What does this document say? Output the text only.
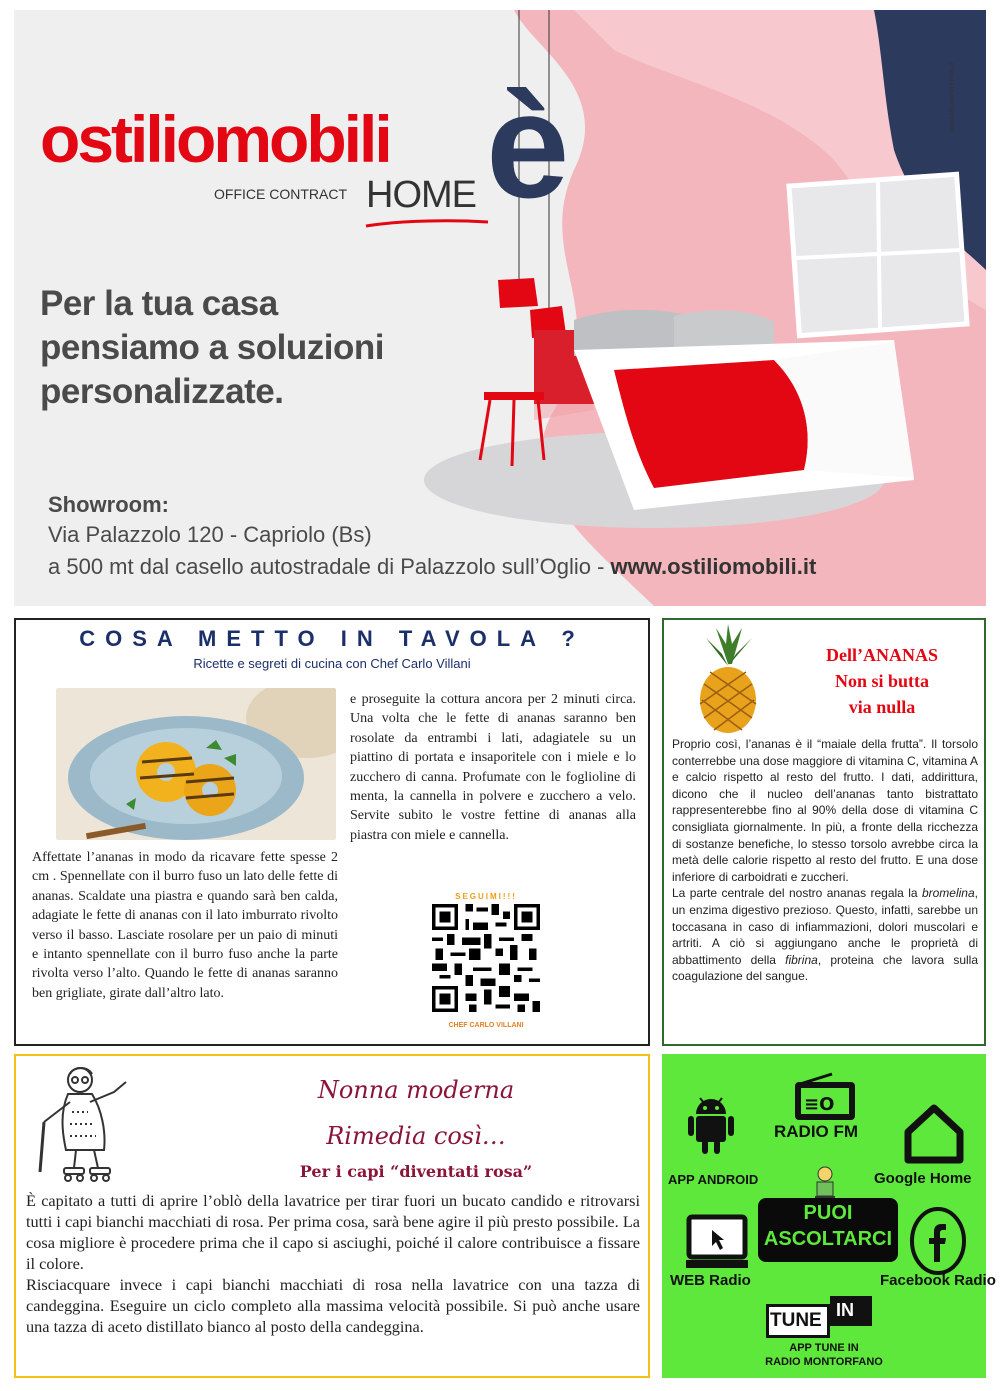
ostiliomobili è
OFFICE CONTRACT HOME
Per la tua casa
pensiamo a soluzioni
personalizzate.
Showroom:
Via Palazzolo 120 - Capriolo (Bs)
a 500 mt dal casello autostradale di Palazzolo sull’Oglio - www.ostiliomobili.it
IMMA DELMONTEITAN.IT
COSA METTO IN TAVOLA ?
Ricette e segreti di cucina con Chef Carlo Villani
Affettate l’ananas in modo da ricavare fette spesse 2 cm . Spennellate con il burro fuso un lato delle fette di ananas. Scaldate una piastra e quando sarà ben calda, adagiate le fette di ananas con il lato imburrato rivolto verso il basso. Lasciate rosolare per un paio di minuti e intanto spennellate con il burro fuso anche la parte rivolta verso l’alto. Quando le fette di ananas saranno ben grigliate, girate dall’altro lato.
e proseguite la cottura ancora per 2 minuti circa. Una volta che le fette di ananas saranno ben rosolate da entrambi i lati, adagiatele su un piattino di portata e insaporitele con i miele e lo zucchero di canna. Profumate con le foglioline di menta, la cannella in polvere e zucchero a velo. Servite subito le vostre fettine di ananas alla piastra con miele e cannella.
SEGUIMI!!!
CHEF CARLO VILLANI
Dell’ANANAS
Non si butta
via nulla

Proprio così, l’ananas è il “maiale della frutta”. Il torsolo conterrebbe una dose maggiore di vitamina C, vitamina A e calcio rispetto al resto del frutto. I dati, addirittura, dicono che il nucleo dell’ananas tanto bistrattato rappresenterebbe fino al 90% della dose di vitamina C consigliata giornalmente. In più, a fronte della ricchezza di sostanze benefiche, lo stesso torsolo avrebbe circa la metà delle calorie rispetto al resto del frutto. E una dose inferiore di carboidrati e zuccheri.

La parte centrale del nostro ananas regala la bromelina, un enzima digestivo prezioso. Questo, infatti, sarebbe un toccasana in caso di infiammazioni, dolori muscolari e artriti. A ciò si aggiungano anche le proprietà di abbattimento della fibrina, proteina che lavora sulla coagulazione del sangue.

Nonna moderna
Rimedia così…
Per i capi “diventati rosa”

È capitato a tutti di aprire l’oblò della lavatrice per tirar fuori un bucato candido e ritrovarsi tutti i capi bianchi macchiati di rosa. Per prima cosa, sarà bene agire il più presto possibile. La cosa migliore è procedere prima che il capo si asciughi, poiché il calore contribuisce a fissare il colore.

Risciacquare invece i capi bianchi macchiati di rosa nella lavatrice con una tazza di candeggina. Eseguire un ciclo completo alla massima velocità possibile. Si può anche usare una tazza di aceto distillato bianco al posto della candeggina.

≡O
RADIO FM
APP ANDROID	Google Home
PUOI
ASCOLTARCI
WEB Radio	Facebook Radio
TUNE IN
APP TUNE IN
RADIO MONTORFANO
